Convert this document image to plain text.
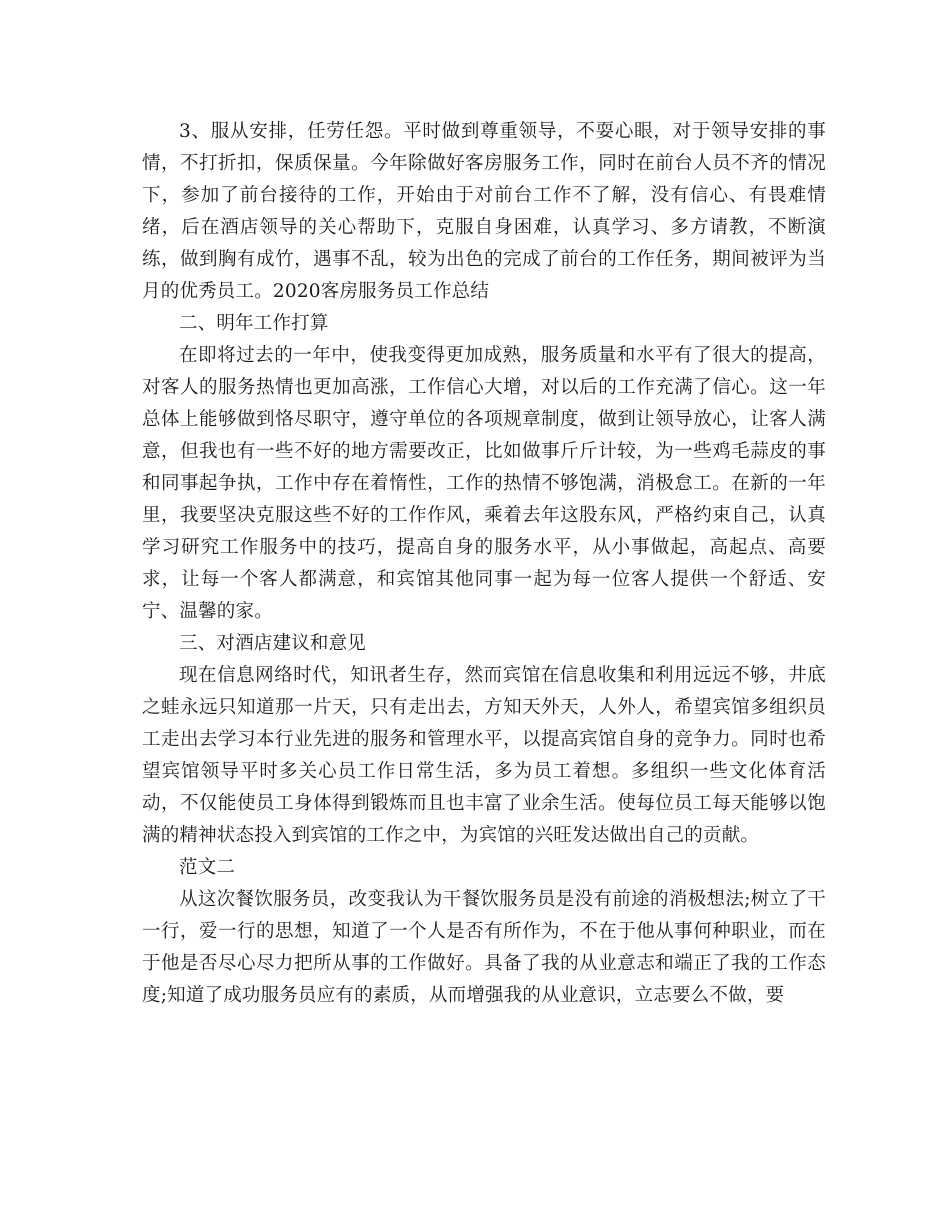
3、服从安排，任劳任怨。平时做到尊重领导，不耍心眼，对于领导安排的事情，不打折扣，保质保量。今年除做好客房服务工作，同时在前台人员不齐的情况下，参加了前台接待的工作，开始由于对前台工作不了解，没有信心、有畏难情绪，后在酒店领导的关心帮助下，克服自身困难，认真学习、多方请教，不断演练，做到胸有成竹，遇事不乱，较为出色的完成了前台的工作任务，期间被评为当月的优秀员工。2020客房服务员工作总结

二、明年工作打算

在即将过去的一年中，使我变得更加成熟，服务质量和水平有了很大的提高，对客人的服务热情也更加高涨，工作信心大增，对以后的工作充满了信心。这一年总体上能够做到恪尽职守，遵守单位的各项规章制度，做到让领导放心，让客人满意，但我也有一些不好的地方需要改正，比如做事斤斤计较，为一些鸡毛蒜皮的事和同事起争执，工作中存在着惰性，工作的热情不够饱满，消极怠工。在新的一年里，我要坚决克服这些不好的工作作风，乘着去年这股东风，严格约束自己，认真学习研究工作服务中的技巧，提高自身的服务水平，从小事做起，高起点、高要求，让每一个客人都满意，和宾馆其他同事一起为每一位客人提供一个舒适、安宁、温馨的家。

三、对酒店建议和意见

现在信息网络时代，知讯者生存，然而宾馆在信息收集和利用远远不够，井底之蛙永远只知道那一片天，只有走出去，方知天外天，人外人，希望宾馆多组织员工走出去学习本行业先进的服务和管理水平，以提高宾馆自身的竞争力。同时也希望宾馆领导平时多关心员工作日常生活，多为员工着想。多组织一些文化体育活动，不仅能使员工身体得到锻炼而且也丰富了业余生活。使每位员工每天能够以饱满的精神状态投入到宾馆的工作之中，为宾馆的兴旺发达做出自己的贡献。

范文二

从这次餐饮服务员，改变我认为干餐饮服务员是没有前途的消极想法;树立了干一行，爱一行的思想，知道了一个人是否有所作为，不在于他从事何种职业，而在于他是否尽心尽力把所从事的工作做好。具备了我的从业意志和端正了我的工作态度;知道了成功服务员应有的素质，从而增强我的从业意识，立志要么不做，要
